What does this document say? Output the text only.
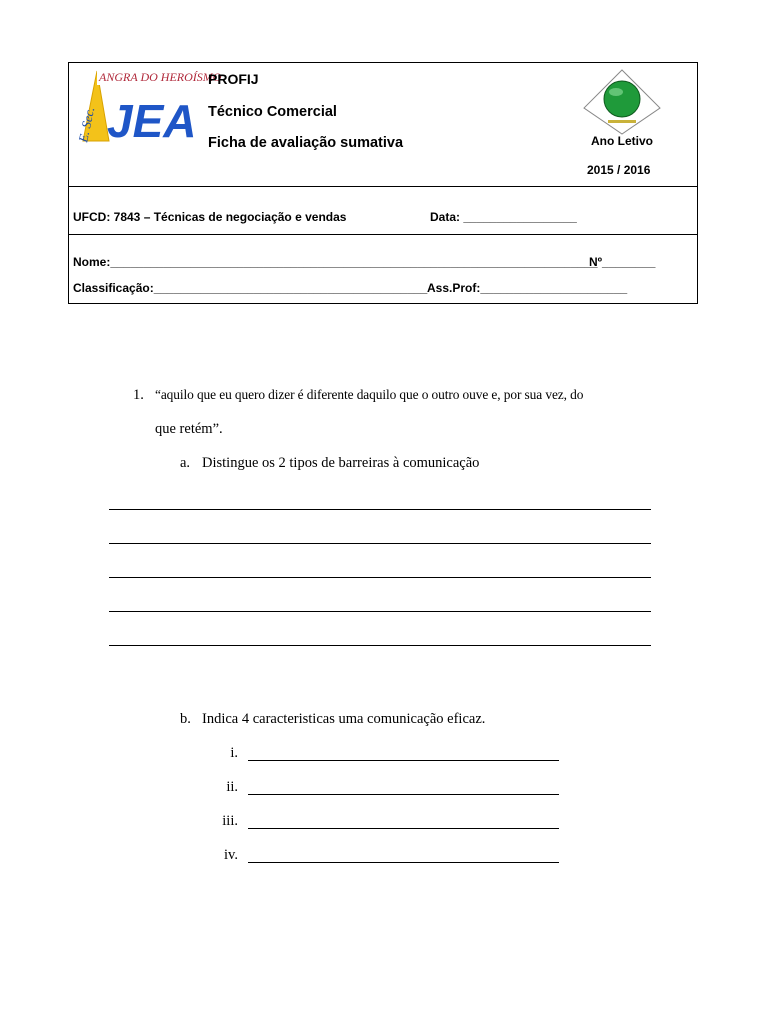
ANGRA DO HEROÍSMO
E. Sec. JEA
PROFIJ
Técnico Comercial
Ficha de avaliação sumativa	Ano Letivo
2015 / 2016
UFCD: 7843 – Técnicas de negociação e vendas	Data: _________________
Nome:_________________________________________________________________________
Nº________
Classificação:_________________________________________ Ass.Prof:______________________
1. “aquilo que eu quero dizer é diferente daquilo que o outro ouve e, por sua vez, do
que retém”.
a. Distingue os 2 tipos de barreiras à comunicação
b. Indica 4 caracteristicas uma comunicação eficaz.
i.
ii.
iii.
iv.
